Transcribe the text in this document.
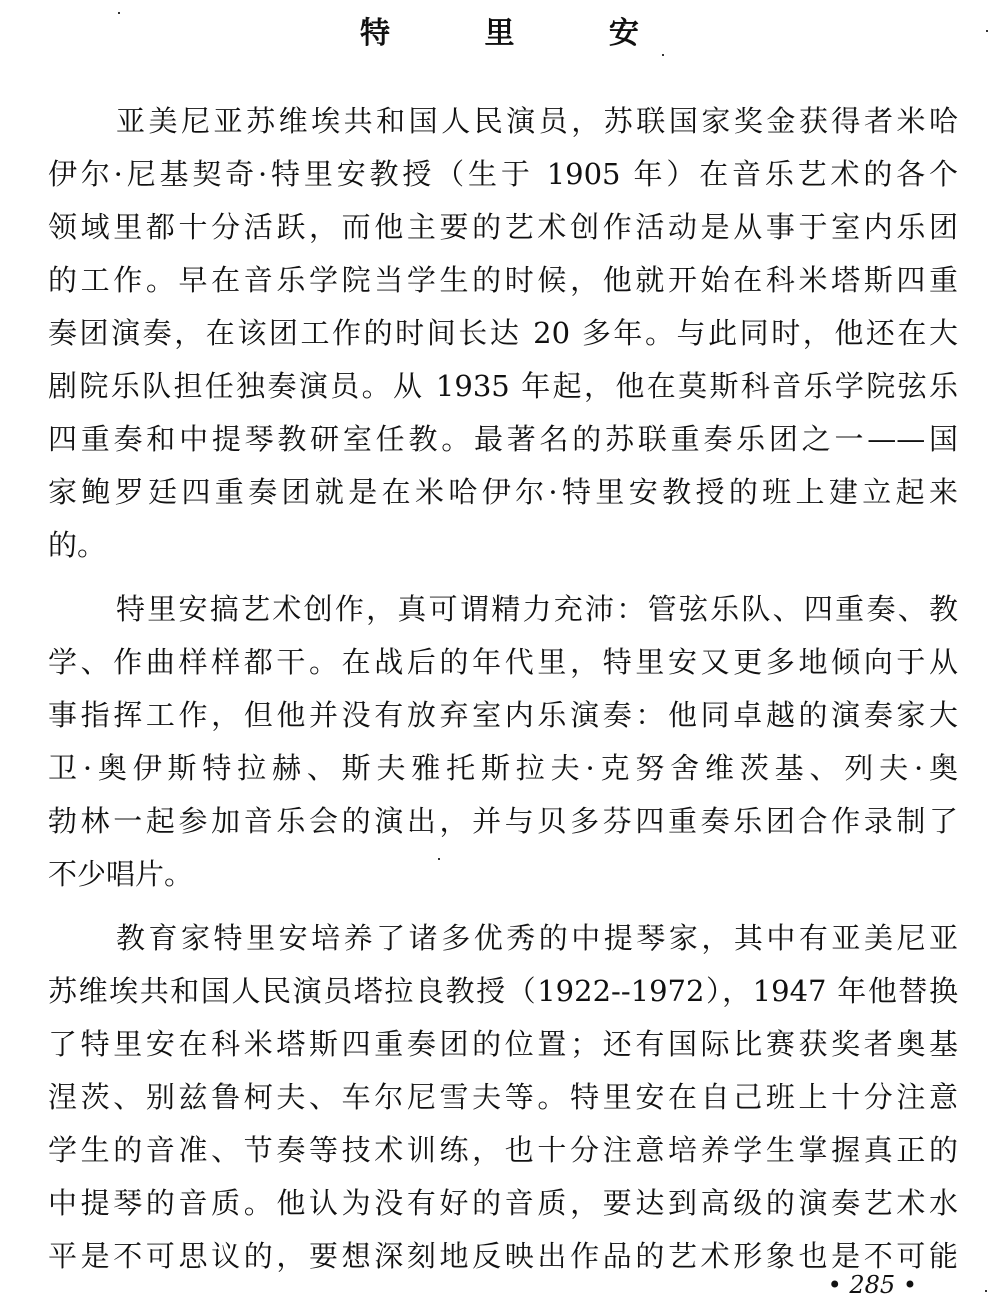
特 里 安
亚美尼亚苏维埃共和国人民演员，苏联国家奖金获得者米哈
伊尔·尼基契奇·特里安教授（生于 1905 年）在音乐艺术的各个
领域里都十分活跃，而他主要的艺术创作活动是从事于室内乐团
的工作。早在音乐学院当学生的时候，他就开始在科米塔斯四重
奏团演奏，在该团工作的时间长达 20 多年。与此同时，他还在大
剧院乐队担任独奏演员。从 1935 年起，他在莫斯科音乐学院弦乐
四重奏和中提琴教研室任教。最著名的苏联重奏乐团之一——国
家鲍罗廷四重奏团就是在米哈伊尔·特里安教授的班上建立起来
的。
特里安搞艺术创作，真可谓精力充沛：管弦乐队、四重奏、教
学、作曲样样都干。在战后的年代里，特里安又更多地倾向于从
事指挥工作，但他并没有放弃室内乐演奏：他同卓越的演奏家大
卫·奥伊斯特拉赫、斯夫雅托斯拉夫·克努舍维茨基、列夫·奥
勃林一起参加音乐会的演出，并与贝多芬四重奏乐团合作录制了
不少唱片。
教育家特里安培养了诸多优秀的中提琴家，其中有亚美尼亚
苏维埃共和国人民演员塔拉良教授（1922--1972），1947 年他替换
了特里安在科米塔斯四重奏团的位置；还有国际比赛获奖者奥基
涅茨、别兹鲁柯夫、车尔尼雪夫等。特里安在自己班上十分注意
学生的音准、节奏等技术训练，也十分注意培养学生掌握真正的
中提琴的音质。他认为没有好的音质，要达到高级的演奏艺术水
平是不可思议的，要想深刻地反映出作品的艺术形象也是不可能
• 285 •
